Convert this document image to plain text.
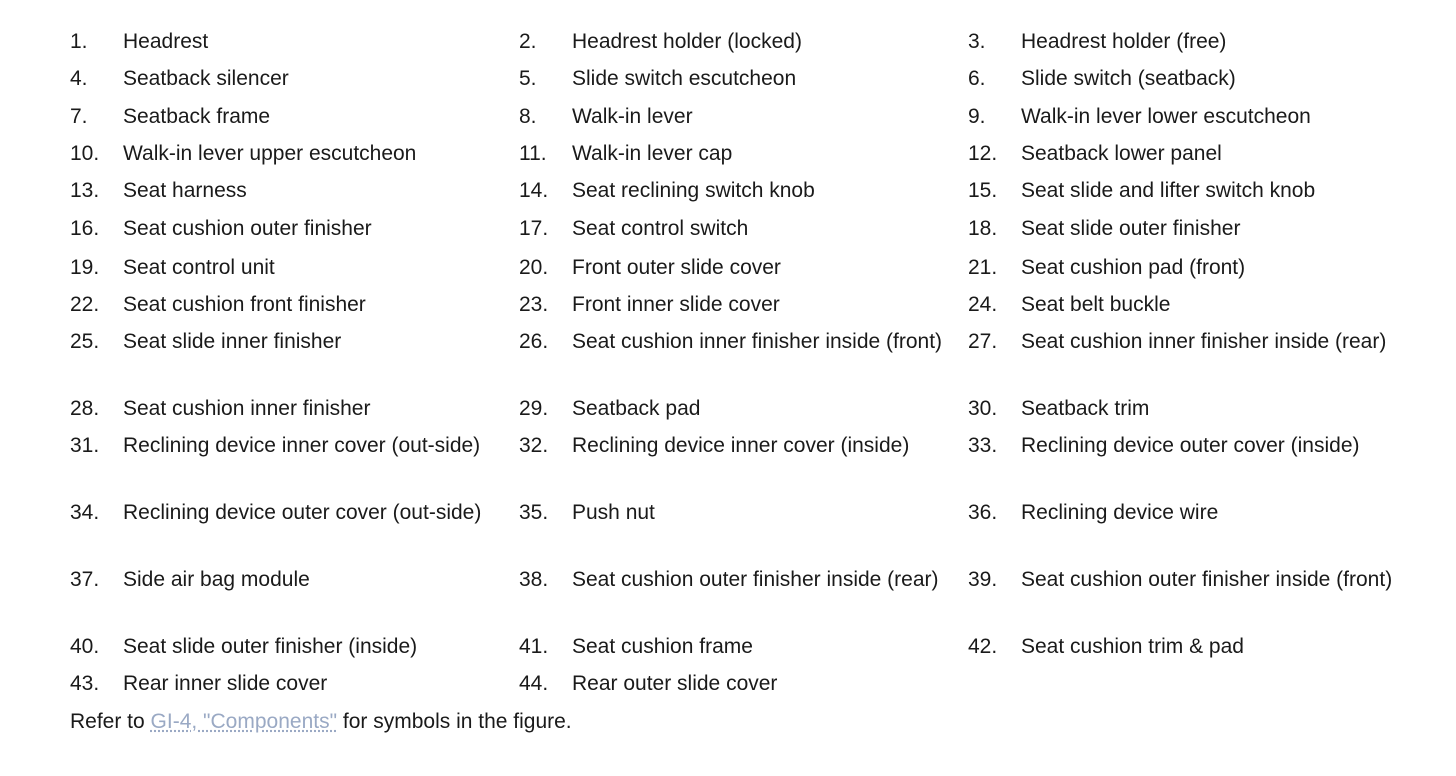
1.	Headrest	2.	Headrest holder (locked)	3.	Headrest holder (free)
4.	Seatback silencer	5.	Slide switch escutcheon	6.	Slide switch (seatback)
7.	Seatback frame	8.	Walk-in lever	9.	Walk-in lever lower escutcheon
10.	Walk-in lever upper escutcheon	11.	Walk-in lever cap	12.	Seatback lower panel
13.	Seat harness	14.	Seat reclining switch knob	15.	Seat slide and lifter switch knob
16.	Seat cushion outer finisher	17.	Seat control switch	18.	Seat slide outer finisher
19.	Seat control unit	20.	Front outer slide cover	21.	Seat cushion pad (front)
22.	Seat cushion front finisher	23.	Front inner slide cover	24.	Seat belt buckle
25.	Seat slide inner finisher	26.	Seat cushion inner finisher inside (front)	27.	Seat cushion inner finisher inside (rear)
28.	Seat cushion inner finisher	29.	Seatback pad	30.	Seatback trim
31.	Reclining device inner cover (out-side)	32.	Reclining device inner cover (inside)	33.	Reclining device outer cover (inside)
34.	Reclining device outer cover (out-side)	35.	Push nut	36.	Reclining device wire
37.	Side air bag module	38.	Seat cushion outer finisher inside (rear)	39.	Seat cushion outer finisher inside (front)
40.	Seat slide outer finisher (inside)	41.	Seat cushion frame	42.	Seat cushion trim & pad
43.	Rear inner slide cover	44.	Rear outer slide cover
Refer to GI-4, "Components" for symbols in the figure.
